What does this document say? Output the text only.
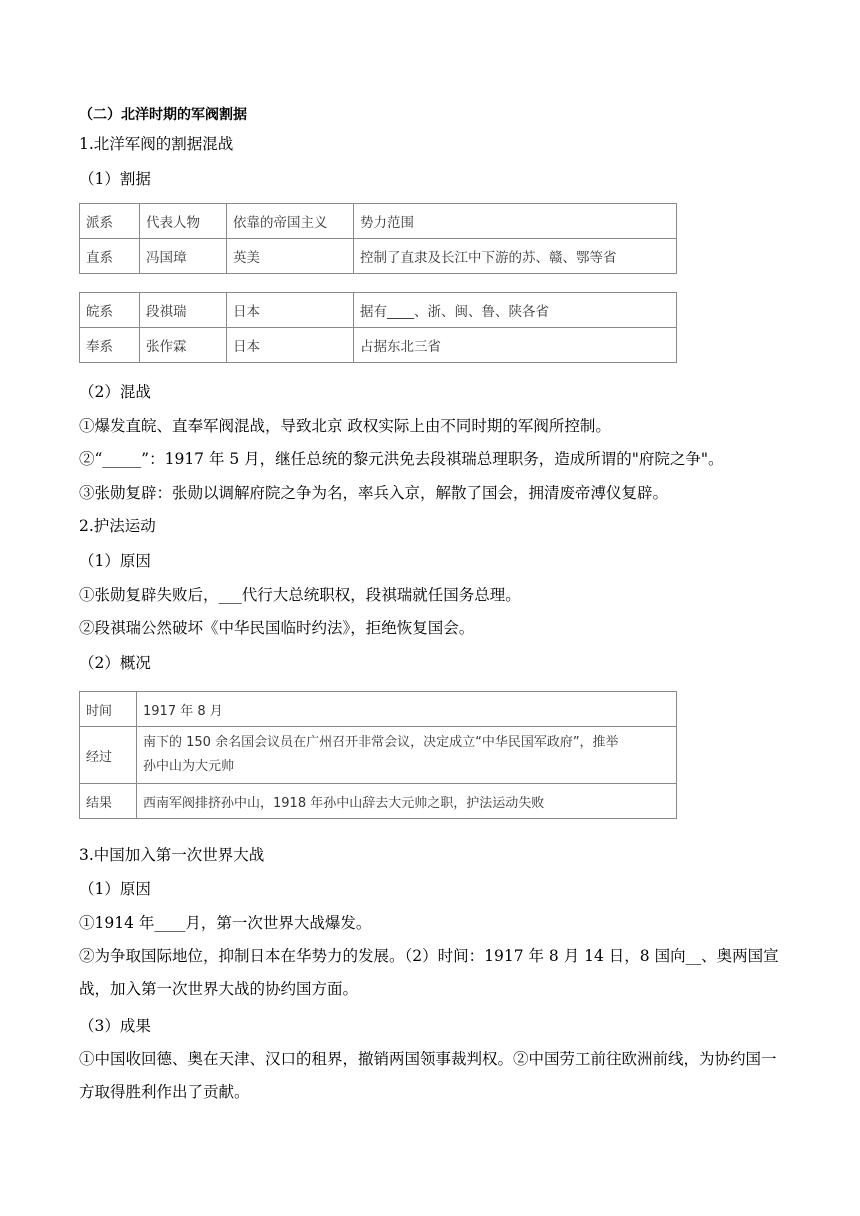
（二）北洋时期的军阀割据
1.北洋军阀的割据混战
（1）割据
派系	代表人物	依靠的帝国主义	势力范围
直系	冯国璋	英美	控制了直隶及长江中下游的苏、赣、鄂等省
皖系	段祺瑞	日本	据有____、浙、闽、鲁、陕各省
奉系	张作霖	日本	占据东北三省
（2）混战
①爆发直皖、直奉军阀混战，导致北京 政权实际上由不同时期的军阀所控制。
②“_____”：1917 年 5 月，继任总统的黎元洪免去段祺瑞总理职务，造成所谓的"府院之争"。
③张勋复辟：张勋以调解府院之争为名，率兵入京，解散了国会，拥清废帝溥仪复辟。
2.护法运动
（1）原因
①张勋复辟失败后，___代行大总统职权，段祺瑞就任国务总理。
②段祺瑞公然破坏《中华民国临时约法》，拒绝恢复国会。
（2）概况
时间	1917 年 8 月
经过	南下的 150 余名国会议员在广州召开非常会议，决定成立“中华民国军政府”，推举
孙中山为大元帅

结果	西南军阀排挤孙中山，1918 年孙中山辞去大元帅之职，护法运动失败
3.中国加入第一次世界大战
（1）原因
①1914 年____月，第一次世界大战爆发。
②为争取国际地位，抑制日本在华势力的发展。（2）时间：1917 年 8 月 14 日，8 国向__、奥两国宣战，加入第一次世界大战的协约国方面。
（3）成果
①中国收回德、奥在天津、汉口的租界，撤销两国领事裁判权。②中国劳工前往欧洲前线，为协约国一方取得胜利作出了贡献。
